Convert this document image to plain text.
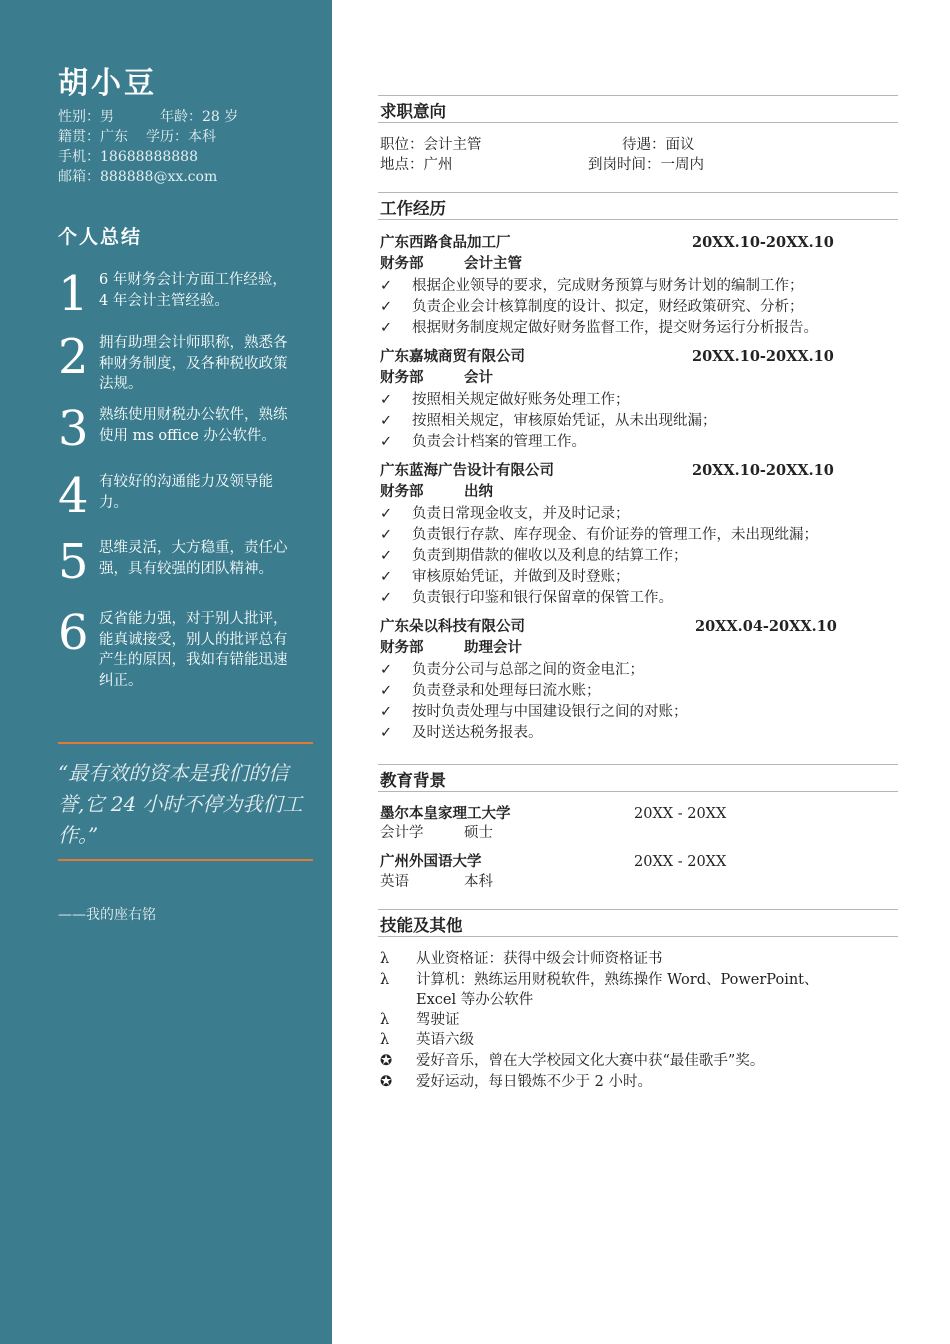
胡小豆
性别：男	年龄：28 岁
籍贯：广东 学历：本科
手机：18688888888
邮箱：888888@xx.com
个人总结
1 6 年财务会计方面工作经验，4 年会计主管经验。
2 拥有助理会计师职称，熟悉各种财务制度，及各种税收政策法规。
3 熟练使用财税办公软件，熟练使用 ms office 办公软件。
4 有较好的沟通能力及领导能力。
5 思维灵活，大方稳重，责任心强，具有较强的团队精神。
6 反省能力强，对于别人批评，能真诚接受，别人的批评总有产生的原因，我如有错能迅速纠正。
“最有效的资本是我们的信誉,它 24 小时不停为我们工作。”
——我的座右铭
求职意向
职位：会计主管	待遇：面议
地点：广州	到岗时间：一周内
工作经历
广东西路食品加工厂	20XX.10-20XX.10
财务部	会计主管
✓ 根据企业领导的要求，完成财务预算与财务计划的编制工作；
✓ 负责企业会计核算制度的设计、拟定，财经政策研究、分析；
✓ 根据财务制度规定做好财务监督工作，提交财务运行分析报告。
广东嘉城商贸有限公司	20XX.10-20XX.10
财务部	会计
✓ 按照相关规定做好账务处理工作；
✓ 按照相关规定，审核原始凭证，从未出现纰漏；
✓ 负责会计档案的管理工作。
广东蓝海广告设计有限公司	20XX.10-20XX.10
财务部	出纳
✓ 负责日常现金收支，并及时记录；
✓ 负责银行存款、库存现金、有价证券的管理工作，未出现纰漏；
✓ 负责到期借款的催收以及利息的结算工作；
✓ 审核原始凭证，并做到及时登账；
✓ 负责银行印鉴和银行保留章的保管工作。
广东朵以科技有限公司	20XX.04-20XX.10
财务部	助理会计
✓ 负责分公司与总部之间的资金电汇；
✓ 负责登录和处理每曰流水账；
✓ 按时负责处理与中国建设银行之间的对账；
✓ 及时送达税务报表。
教育背景
墨尔本皇家理工大学	20XX - 20XX
会计学	硕士
广州外国语大学	20XX - 20XX
英语	本科
技能及其他
λ	从业资格证：获得中级会计师资格证书
λ	计算机：熟练运用财税软件，熟练操作 Word、PowerPoint、Excel 等办公软件
λ	驾驶证
λ	英语六级
✪	爱好音乐，曾在大学校园文化大赛中获“最佳歌手”奖。
✪	爱好运动，每日锻炼不少于 2 小时。
